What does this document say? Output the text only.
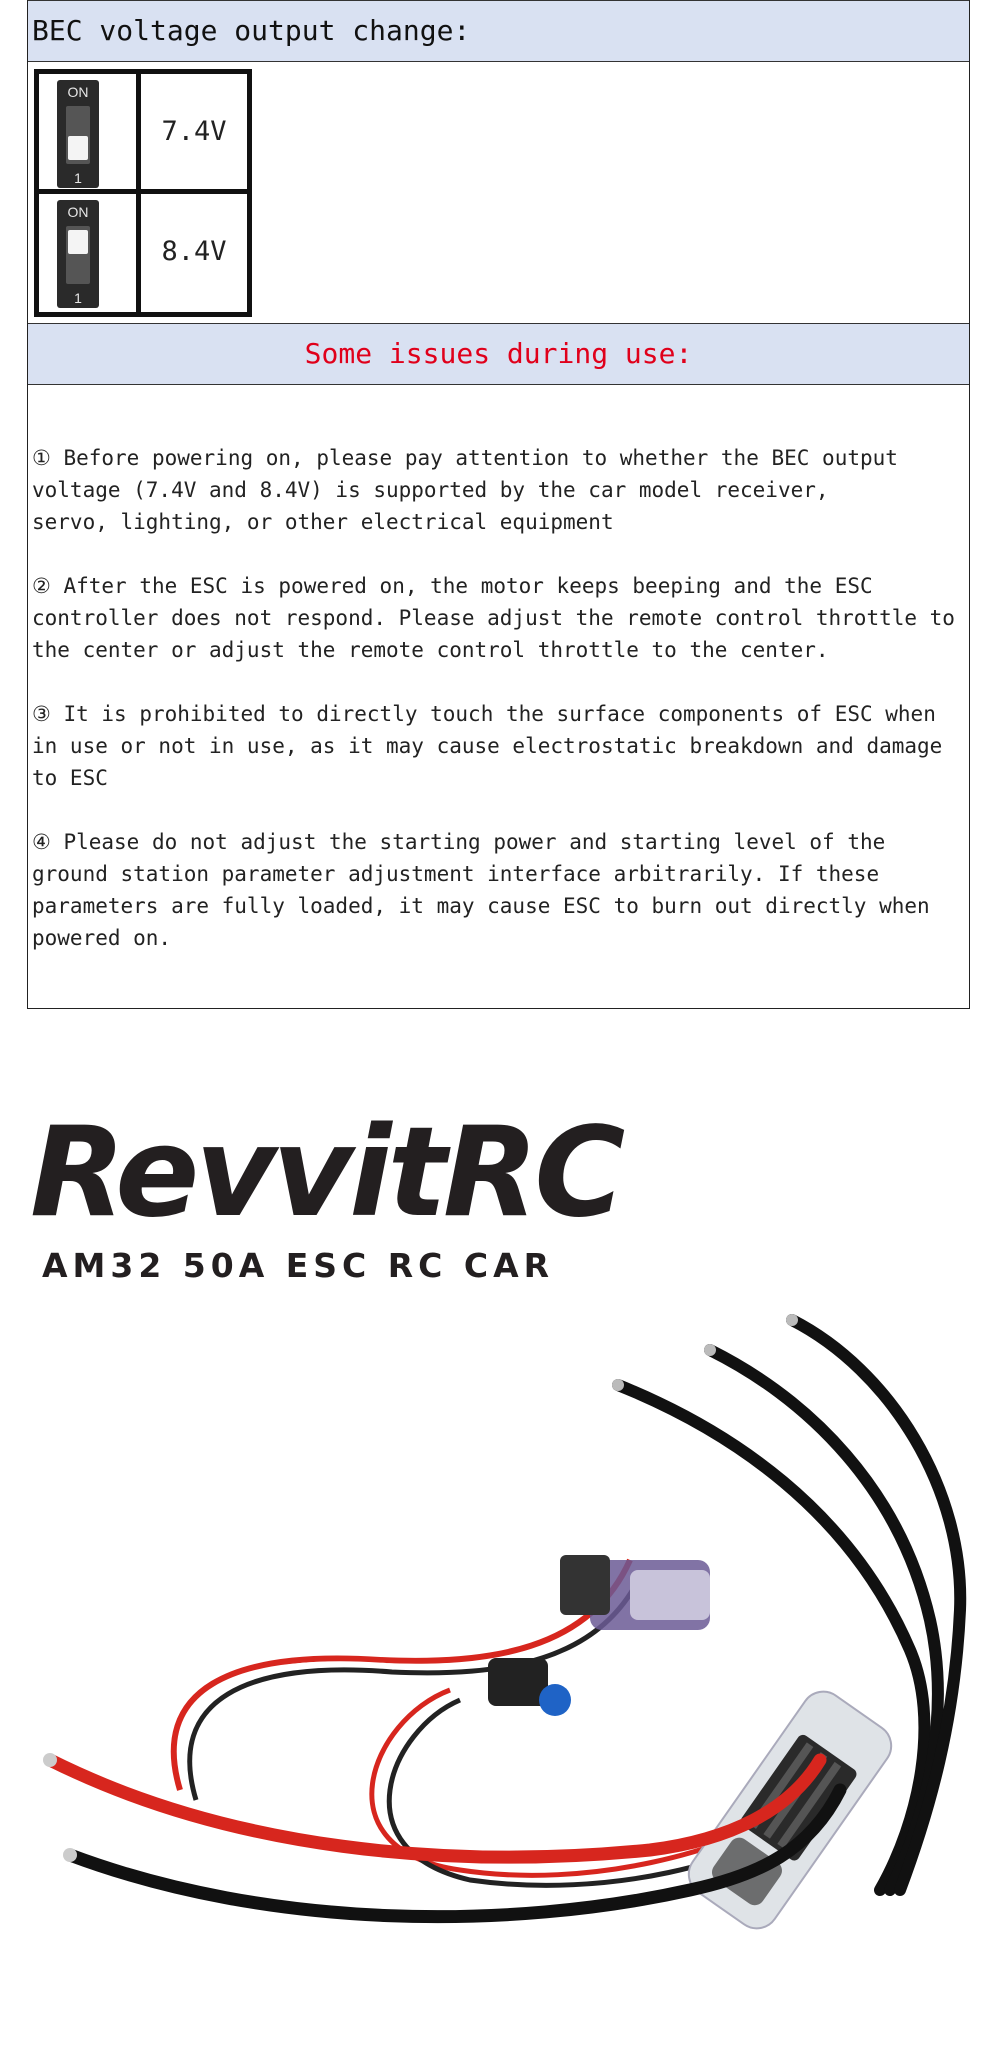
BEC voltage output change:
ON
1
7.4V
ON
1
8.4V
Some issues during use:

① Before powering on, please pay attention to whether the BEC output
voltage (7.4V and 8.4V) is supported by the car model receiver,
servo, lighting, or other electrical equipment

② After the ESC is powered on, the motor keeps beeping and the ESC
controller does not respond. Please adjust the remote control throttle to
the center or adjust the remote control throttle to the center.

③ It is prohibited to directly touch the surface components of ESC when
in use or not in use, as it may cause electrostatic breakdown and damage
to ESC

④ Please do not adjust the starting power and starting level of the
ground station parameter adjustment interface arbitrarily. If these
parameters are fully loaded, it may cause ESC to burn out directly when
powered on.

RevvitRC
AM32 50A ESC RC CAR
